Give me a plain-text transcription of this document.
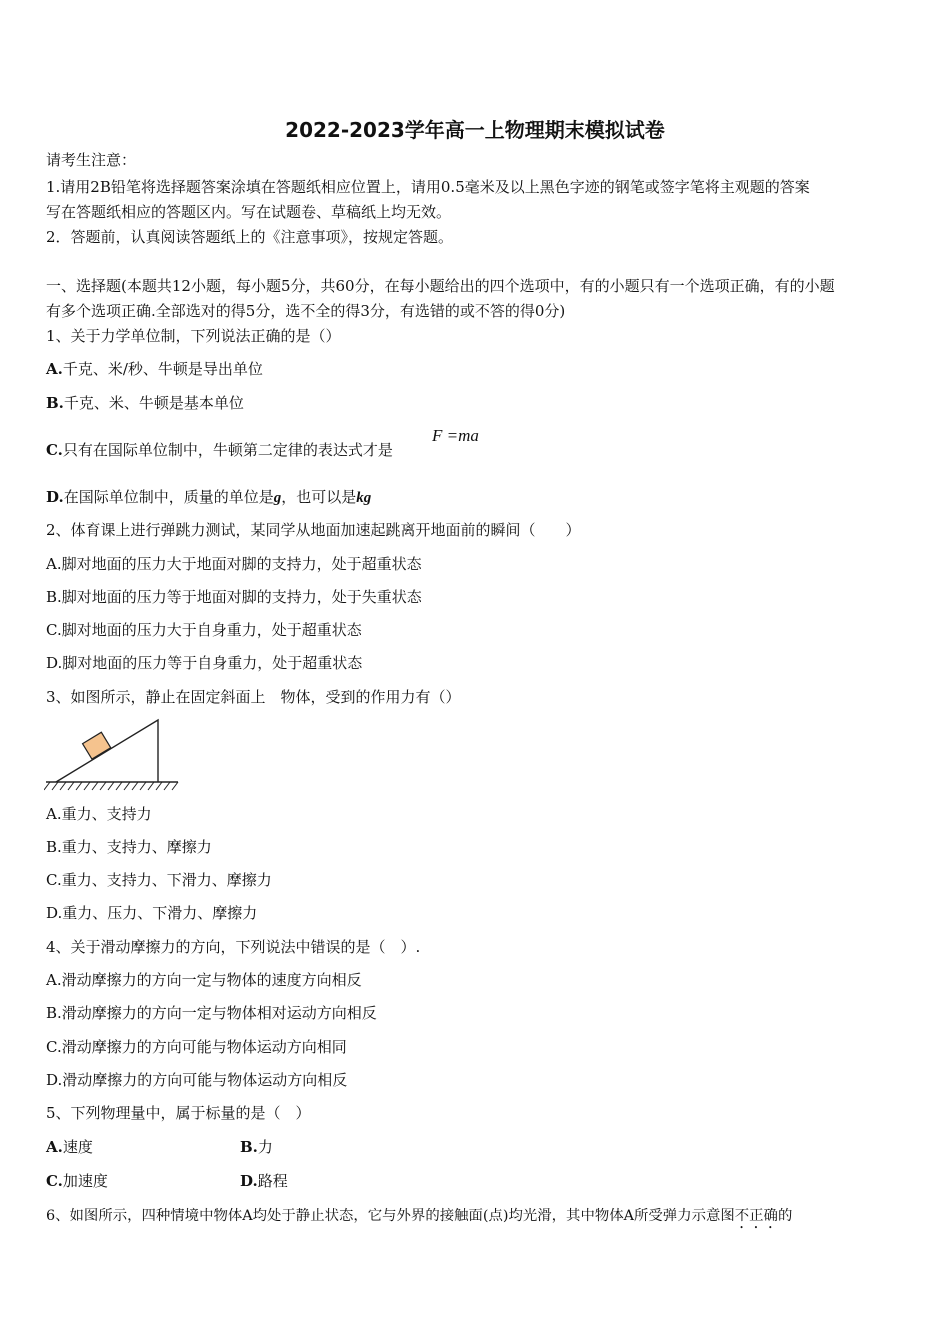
2022-2023学年高一上物理期末模拟试卷
请考生注意：
1.请用2B铅笔将选择题答案涂填在答题纸相应位置上，请用0.5毫米及以上黑色字迹的钢笔或签字笔将主观题的答案
写在答题纸相应的答题区内。写在试题卷、草稿纸上均无效。
2．答题前，认真阅读答题纸上的《注意事项》，按规定答题。
一、选择题(本题共12小题，每小题5分，共60分，在每小题给出的四个选项中，有的小题只有一个选项正确，有的小题
有多个选项正确.全部选对的得5分，选不全的得3分，有选错的或不答的得0分)
1、关于力学单位制，下列说法正确的是（）
A.千克、米/秒、牛顿是导出单位
B.千克、米、牛顿是基本单位
C.只有在国际单位制中，牛顿第二定律的表达式才是
F =ma
D.在国际单位制中，质量的单位是g，也可以是kg
2、体育课上进行弹跳力测试，某同学从地面加速起跳离开地面前的瞬间（　　）
A.脚对地面的压力大于地面对脚的支持力，处于超重状态
B.脚对地面的压力等于地面对脚的支持力，处于失重状态
C.脚对地面的压力大于自身重力，处于超重状态
D.脚对地面的压力等于自身重力，处于超重状态
3、如图所示，静止在固定斜面上　物体，受到的作用力有（）
A.重力、支持力
B.重力、支持力、摩擦力
C.重力、支持力、下滑力、摩擦力
D.重力、压力、下滑力、摩擦力
4、关于滑动摩擦力的方向，下列说法中错误的是（　）.
A.滑动摩擦力的方向一定与物体的速度方向相反
B.滑动摩擦力的方向一定与物体相对运动方向相反
C.滑动摩擦力的方向可能与物体运动方向相同
D.滑动摩擦力的方向可能与物体运动方向相反
5、下列物理量中，属于标量的是（　）
A.速度	B.力
C.加速度	D.路程
6、如图所示，四种情境中物体A均处于静止状态，它与外界的接触面(点)均光滑，其中物体A所受弹力示意图不正确的
